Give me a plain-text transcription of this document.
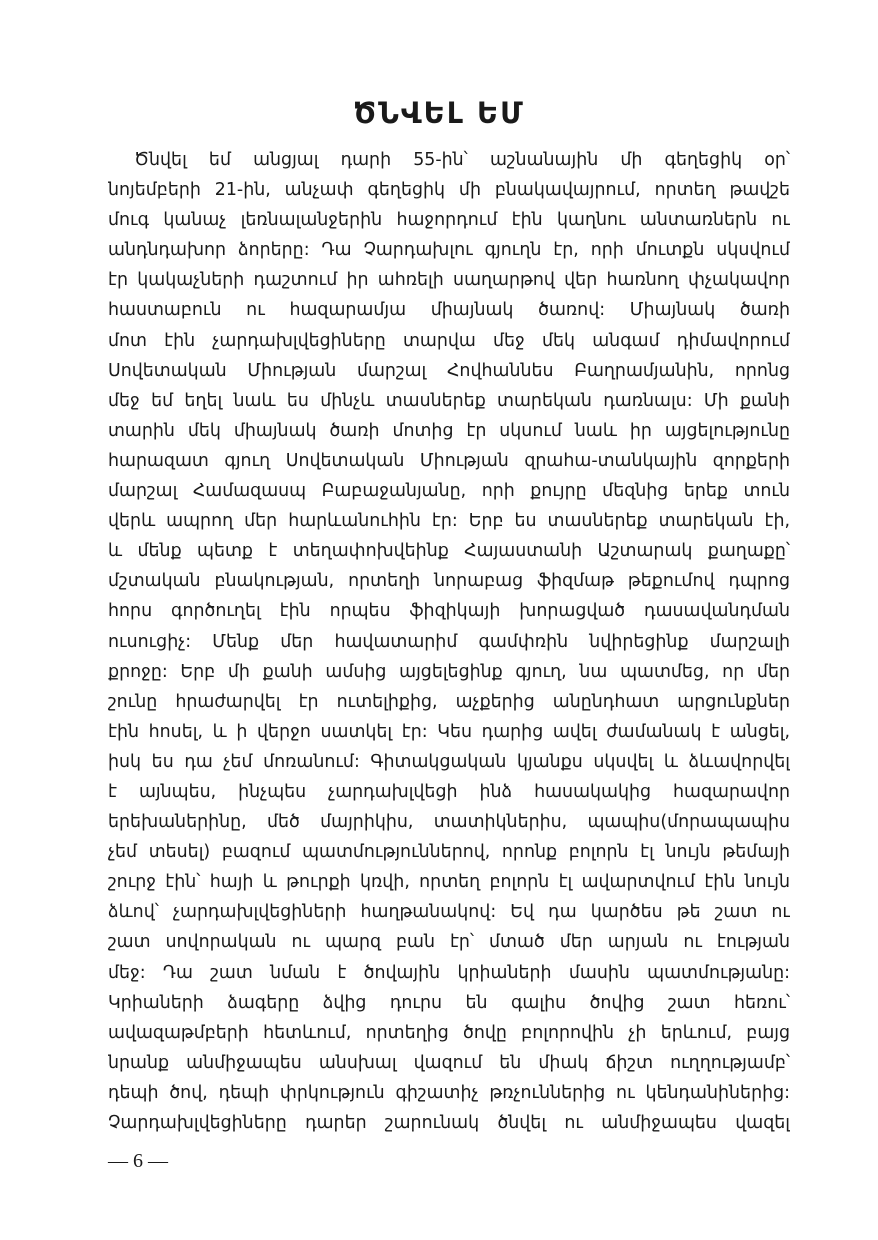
ԾՆՎԵԼ ԵՄ
Ծնվել եմ անցյալ դարի 55-ին՝ աշնանային մի գեղեցիկ օր՝
նոյեմբերի 21-ին, անչափ գեղեցիկ մի բնակավայրում, որտեղ թավշե
մուգ կանաչ լեռնալանջերին հաջորդում էին կաղնու անտառներն ու
անդնդախոր ձորերը: Դա Չարդախլու գյուղն էր, որի մուտքն սկսվում
էր կակաչների դաշտում իր ահռելի սաղարթով վեր հառնող փչակավոր
հաստաբուն ու հազարամյա միայնակ ծառով: Միայնակ ծառի
մոտ էին չարդախլվեցիները տարվա մեջ մեկ անգամ դիմավորում
Սովետական Միության մարշալ Հովհաննես Բաղրամյանին, որոնց
մեջ եմ եղել նաև ես մինչև տասներեք տարեկան դառնալս: Մի քանի
տարին մեկ միայնակ ծառի մոտից էր սկսում նաև իր այցելությունը
հարազատ գյուղ Սովետական Միության զրահա-տանկային զորքերի
մարշալ Համազասպ Բաբաջանյանը, որի քույրը մեզնից երեք տուն
վերև ապրող մեր հարևանուհին էր: Երբ ես տասներեք տարեկան էի,
և մենք պետք է տեղափոխվեինք Հայաստանի Աշտարակ քաղաքը՝
մշտական բնակության, որտեղի նորաբաց ֆիզմաթ թեքումով դպրոց
հորս գործուղել էին որպես ֆիզիկայի խորացված դասավանդման
ուսուցիչ: Մենք մեր հավատարիմ գամփռին նվիրեցինք մարշալի
քրոջը: Երբ մի քանի ամսից այցելեցինք գյուղ, նա պատմեց, որ մեր
շունը հրաժարվել էր ուտելիքից, աչքերից անընդհատ արցունքներ
էին հոսել, և ի վերջո սատկել էր: Կես դարից ավել ժամանակ է անցել,
իսկ ես դա չեմ մոռանում: Գիտակցական կյանքս սկսվել և ձևավորվել
է այնպես, ինչպես չարդախլվեցի ինձ հասակակից հազարավոր
երեխաներինը, մեծ մայրիկիս, տատիկներիս, պապիս(մորապապիս
չեմ տեսել) բազում պատմություններով, որոնք բոլորն էլ նույն թեմայի
շուրջ էին՝ հայի և թուրքի կռվի, որտեղ բոլորն էլ ավարտվում էին նույն
ձևով՝ չարդախլվեցիների հաղթանակով: Եվ դա կարծես թե շատ ու
շատ սովորական ու պարզ բան էր՝ մտած մեր արյան ու էության
մեջ: Դա շատ նման է ծովային կրիաների մասին պատմությանը:
Կրիաների ձագերը ձվից դուրս են գալիս ծովից շատ հեռու՝
ավազաթմբերի հետևում, որտեղից ծովը բոլորովին չի երևում, բայց
նրանք անմիջապես անսխալ վազում են միակ ճիշտ ուղղությամբ՝
դեպի ծով, դեպի փրկություն գիշատիչ թռչուններից ու կենդանիներից:
Չարդախլվեցիները դարեր շարունակ ծնվել ու անմիջապես վազել
— 6 —
